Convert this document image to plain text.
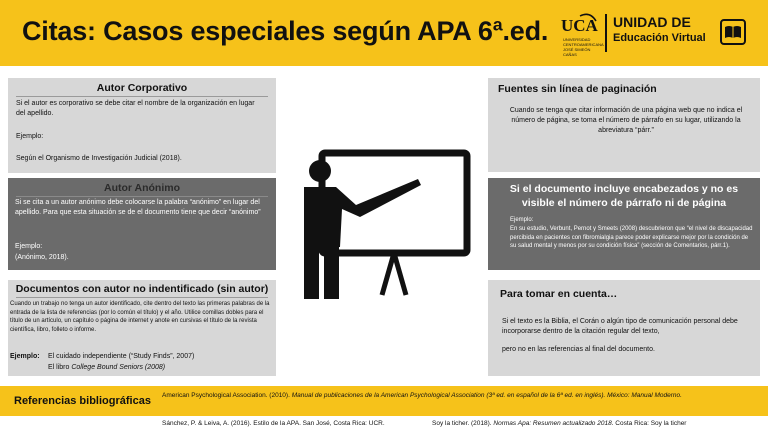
Citas: Casos especiales según APA 6ª.ed. UCA
UNIVERSIDAD CENTROAMERICANA JOSÉ SIMEÓN CAÑAS
UNIDAD DE
Educación Virtual
Autor Corporativo
Si el autor es corporativo se debe citar el nombre de la organización en lugar del apellido.
Ejemplo:
Según el Organismo de Investigación Judicial (2018).
Autor Anónimo
Si se cita a un autor anónimo debe colocarse la palabra “anónimo” en lugar del apellido. Para que esta situación se de el documento tiene que decir “anónimo”
Ejemplo:
(Anónimo, 2018).
Documentos con autor no indentificado (sin autor)
Cuando un trabajo no tenga un autor identificado, cite dentro del texto las primeras palabras de la entrada de la lista de referencias (por lo común el título) y el año. Utilice comillas dobles para el título de un artículo, un capítulo o página de internet y anote en cursivas el título de la revista científica, libro, folleto o informe.
Ejemplo: El cuidado independiente (“Study Finds”, 2007)
El libro College Bound Seniors (2008)
Fuentes sin línea de paginación
Cuando se tenga que citar información de una página web que no indica el número de página, se toma el número de párrafo en su lugar, utilizando la abreviatura “párr.”
Si el documento incluye encabezados y no es visible el número de párrafo ni de página
Ejemplo:
En su estudio, Verbunt, Pernot y Smeets (2008) descubrieron que “el nivel de discapacidad percibida en pacientes con fibromialgia parece poder explicarse mejor por la condición de su salud mental y menos por su condición física” (sección de Comentarios, párr.1).
Para tomar en cuenta…
Si el texto es la Biblia, el Corán o algún tipo de comunicación personal debe incorporarse dentro de la citación regular del texto,
pero no en las referencias al final del documento.
Referencias bibliográficas American Psychological Association. (2010). Manual de publicaciones de la American Psychological Association (3ª ed. en español de la 6ª ed. en inglés). México: Manual Moderno.
Sánchez, P. & Leiva, A. (2016). Estilo de la APA. San José, Costa Rica: UCR.	Soy la ticher. (2018). Normas Apa: Resumen actualizado 2018. Costa Rica: Soy la ticher
